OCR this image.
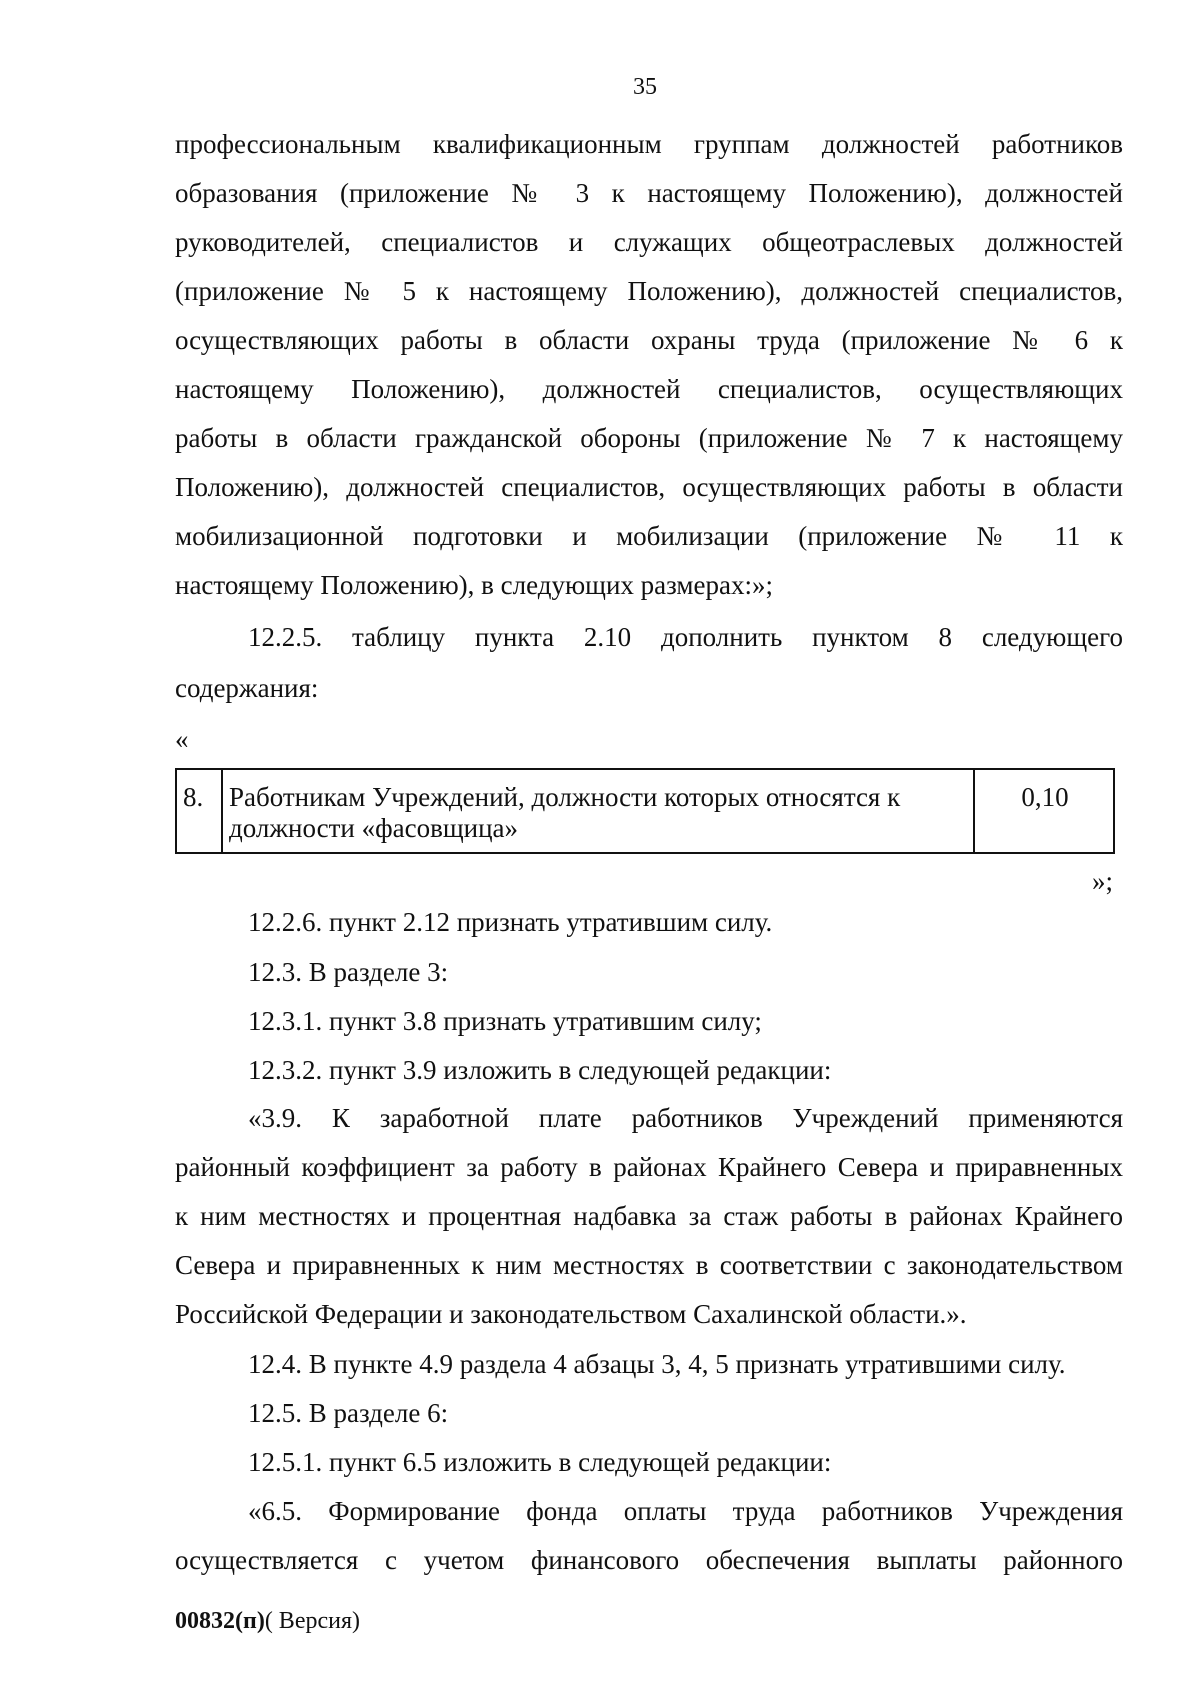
35
профессиональным квалификационным группам должностей работников
образования (приложение № 3 к настоящему Положению), должностей
руководителей, специалистов и служащих общеотраслевых должностей
(приложение № 5 к настоящему Положению), должностей специалистов,
осуществляющих работы в области охраны труда (приложение № 6 к
настоящему Положению), должностей специалистов, осуществляющих
работы в области гражданской обороны (приложение № 7 к настоящему
Положению), должностей специалистов, осуществляющих работы в области
мобилизационной подготовки и мобилизации (приложение № 11 к

настоящему Положению), в следующих размерах:»;
12.2.5. таблицу пункта 2.10 дополнить пунктом 8 следующего
содержания:
«
8. Работникам Учреждений, должности которых относятся к должности «фасовщица»
0,10
»;
12.2.6. пункт 2.12 признать утратившим силу.
12.3. В разделе 3:
12.3.1. пункт 3.8 признать утратившим силу;
12.3.2. пункт 3.9 изложить в следующей редакции:
«3.9. К заработной плате работников Учреждений применяются
районный коэффициент за работу в районах Крайнего Севера и приравненных
к ним местностях и процентная надбавка за стаж работы в районах Крайнего
Севера и приравненных к ним местностях в соответствии с законодательством

Российской Федерации и законодательством Сахалинской области.».
12.4. В пункте 4.9 раздела 4 абзацы 3, 4, 5 признать утратившими силу.
12.5. В разделе 6:
12.5.1. пункт 6.5 изложить в следующей редакции:
«6.5. Формирование фонда оплаты труда работников Учреждения
осуществляется с учетом финансового обеспечения выплаты районного
00832(п)( Версия)
